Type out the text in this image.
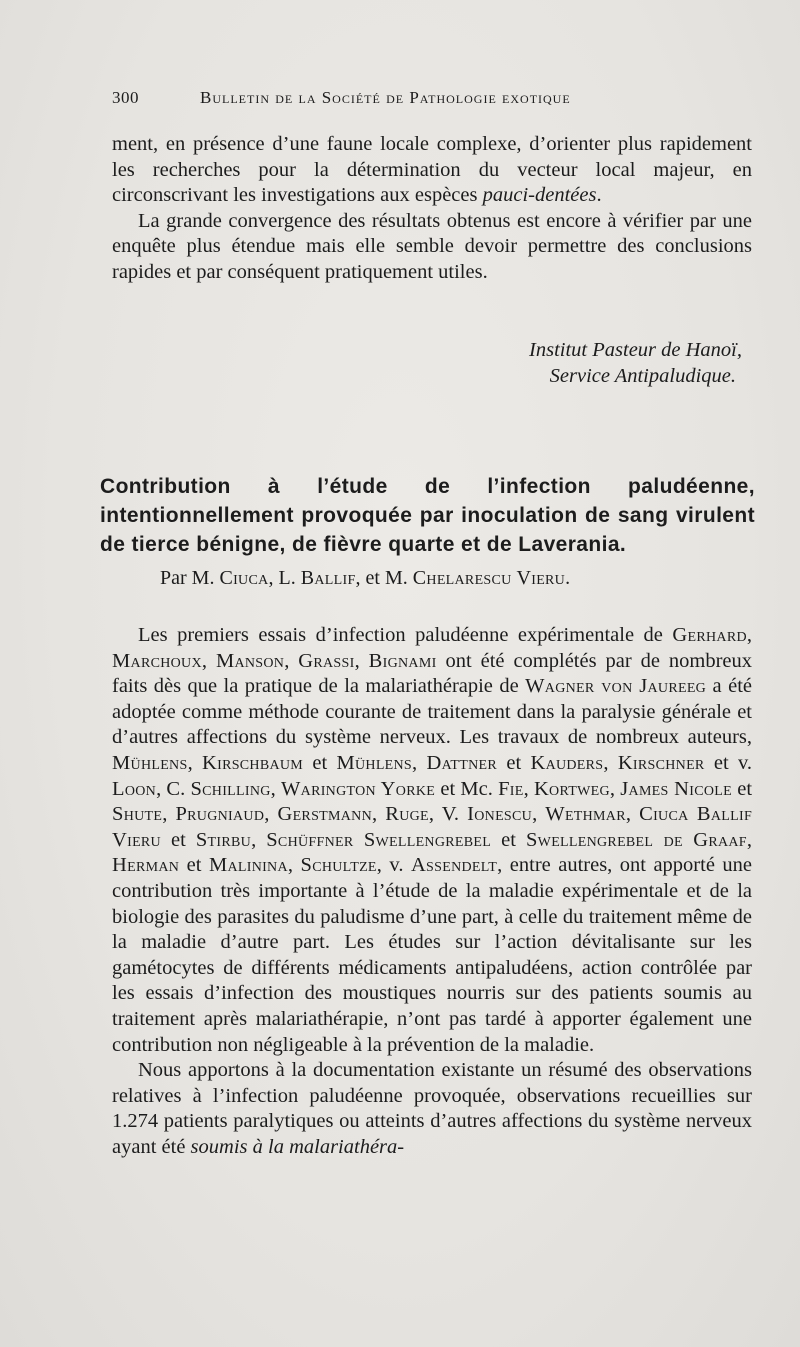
300	Bulletin de la Société de Pathologie exotique

ment, en présence d’une faune locale complexe, d’orienter plus rapidement les recherches pour la détermination du vecteur local majeur, en circonscrivant les investigations aux espèces pauci-dentées.

La grande convergence des résultats obtenus est encore à vérifier par une enquête plus étendue mais elle semble devoir permettre des conclusions rapides et par conséquent pratiquement utiles.

Institut Pasteur de Hanoï,
Service Antipaludique.
Contribution à l’étude de l’infection paludéenne, intentionnellement provoquée par inoculation de sang virulent de tierce bénigne, de fièvre quarte et de Laverania.
Par M. Ciuca, L. Ballif, et M. Chelarescu Vieru.

Les premiers essais d’infection paludéenne expérimentale de Gerhard, Marchoux, Manson, Grassi, Bignami ont été complétés par de nombreux faits dès que la pratique de la malariathérapie de Wagner von Jaureeg a été adoptée comme méthode courante de traitement dans la paralysie générale et d’autres affections du système nerveux. Les travaux de nombreux auteurs, Mühlens, Kirschbaum et Mühlens, Dattner et Kauders, Kirschner et v. Loon, C. Schilling, Warington Yorke et Mc. Fie, Kortweg, James Nicole et Shute, Prugniaud, Gerstmann, Ruge, V. Ionescu, Wethmar, Ciuca Ballif Vieru et Stirbu, Schüffner Swellengrebel et Swellengrebel de Graaf, Herman et Malinina, Schultze, v. Assendelt, entre autres, ont apporté une contribution très importante à l’étude de la maladie expérimentale et de la biologie des parasites du paludisme d’une part, à celle du traitement même de la maladie d’autre part. Les études sur l’action dévitalisante sur les gamétocytes de différents médicaments antipaludéens, action contrôlée par les essais d’infection des moustiques nourris sur des patients soumis au traitement après malariathérapie, n’ont pas tardé à apporter également une contribution non négligeable à la prévention de la maladie.

Nous apportons à la documentation existante un résumé des observations relatives à l’infection paludéenne provoquée, observations recueillies sur 1.274 patients paralytiques ou atteints d’autres affections du système nerveux ayant été soumis à la malariathéra-
